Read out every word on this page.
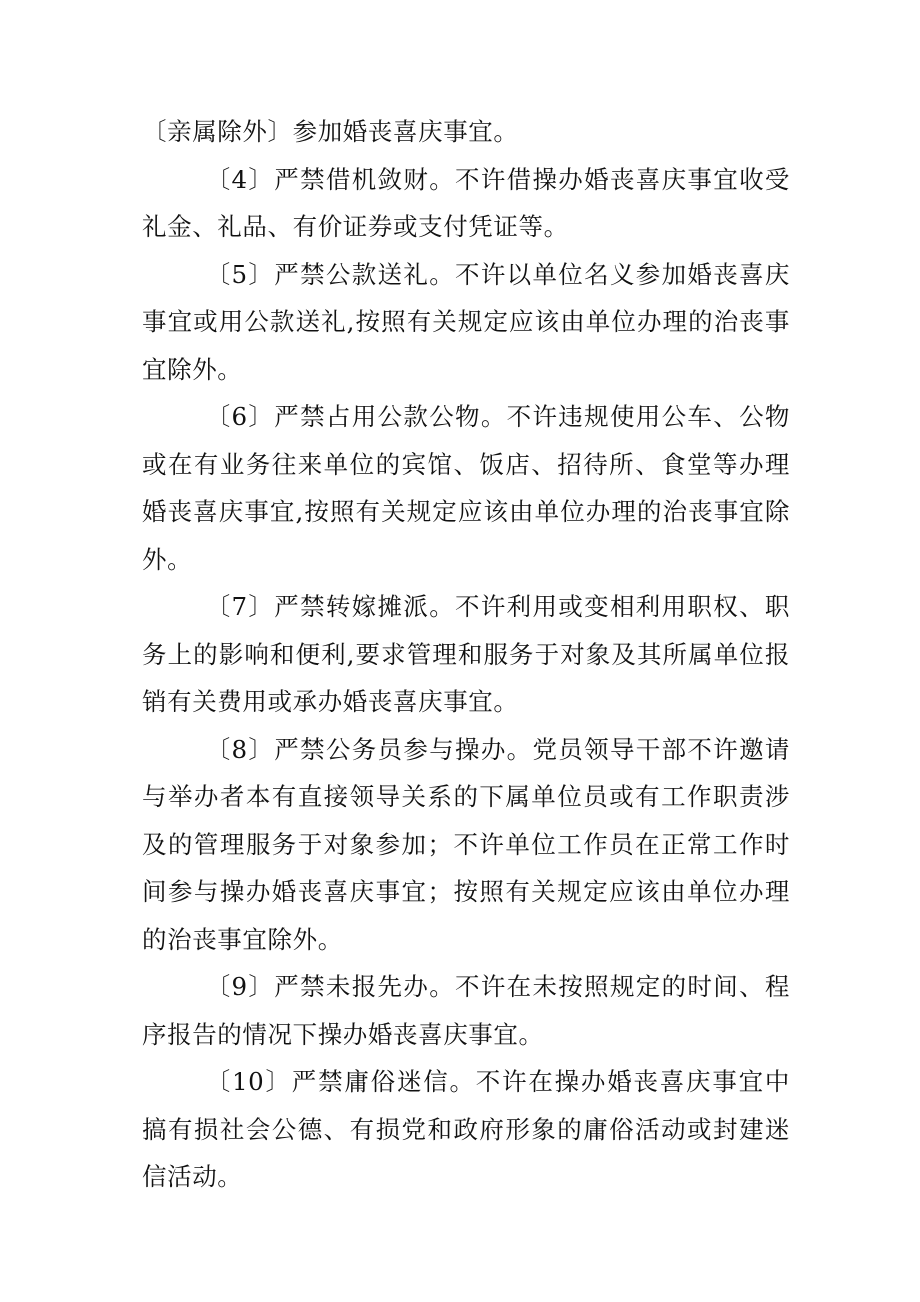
〔亲属除外〕参加婚丧喜庆事宜。

〔4〕严禁借机敛财。不许借操办婚丧喜庆事宜收受礼金、礼品、有价证券或支付凭证等。

〔5〕严禁公款送礼。不许以单位名义参加婚丧喜庆事宜或用公款送礼,按照有关规定应该由单位办理的治丧事宜除外。

〔6〕严禁占用公款公物。不许违规使用公车、公物或在有业务往来单位的宾馆、饭店、招待所、食堂等办理婚丧喜庆事宜,按照有关规定应该由单位办理的治丧事宜除外。

〔7〕严禁转嫁摊派。不许利用或变相利用职权、职务上的影响和便利,要求管理和服务于对象及其所属单位报销有关费用或承办婚丧喜庆事宜。

〔8〕严禁公务员参与操办。党员领导干部不许邀请与举办者本有直接领导关系的下属单位员或有工作职责涉及的管理服务于对象参加；不许单位工作员在正常工作时间参与操办婚丧喜庆事宜；按照有关规定应该由单位办理的治丧事宜除外。

〔9〕严禁未报先办。不许在未按照规定的时间、程序报告的情况下操办婚丧喜庆事宜。

〔10〕严禁庸俗迷信。不许在操办婚丧喜庆事宜中搞有损社会公德、有损党和政府形象的庸俗活动或封建迷信活动。
